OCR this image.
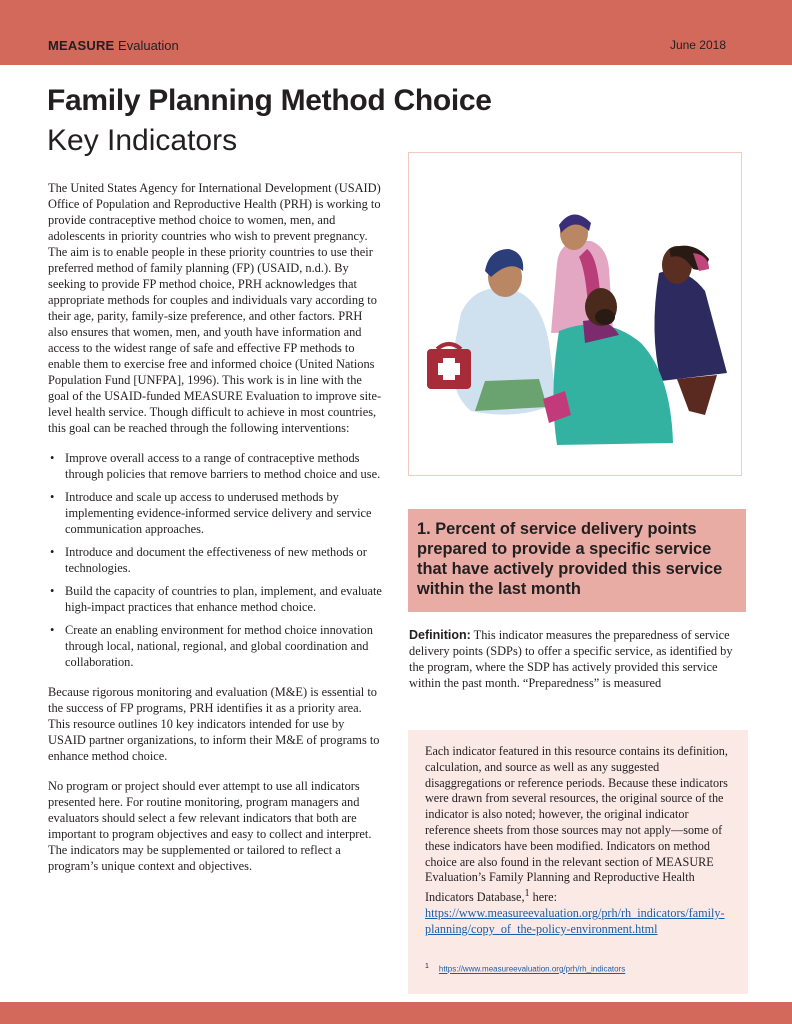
MEASURE Evaluation	June 2018
Family Planning Method Choice
Key Indicators

The United States Agency for International Development (USAID) Office of Population and Reproductive Health (PRH) is working to provide contraceptive method choice to women, men, and adolescents in priority countries who wish to prevent pregnancy. The aim is to enable people in these priority countries to use their preferred method of family planning (FP) (USAID, n.d.). By seeking to provide FP method choice, PRH acknowledges that appropriate methods for couples and individuals vary according to their age, parity, family-size preference, and other factors. PRH also ensures that women, men, and youth have information and access to the widest range of safe and effective FP methods to enable them to exercise free and informed choice (United Nations Population Fund [UNFPA], 1996). This work is in line with the goal of the USAID-funded MEASURE Evaluation to improve site-level health service. Though difficult to achieve in most countries, this goal can be reached through the following interventions:

• Improve overall access to a range of contraceptive methods through policies that remove barriers to method choice and use.
• Introduce and scale up access to underused methods by implementing evidence-informed service delivery and service communication approaches.
• Introduce and document the effectiveness of new methods or technologies.
• Build the capacity of countries to plan, implement, and evaluate high-impact practices that enhance method choice.
• Create an enabling environment for method choice innovation through local, national, regional, and global coordination and collaboration.

Because rigorous monitoring and evaluation (M&E) is essential to the success of FP programs, PRH identifies it as a priority area. This resource outlines 10 key indicators intended for use by USAID partner organizations, to inform their M&E of programs to enhance method choice.

No program or project should ever attempt to use all indicators presented here. For routine monitoring, program managers and evaluators should select a few relevant indicators that both are important to program objectives and easy to collect and interpret. The indicators may be supplemented or tailored to reflect a program’s unique context and objectives.

1. Percent of service delivery points prepared to provide a specific service that have actively provided this service within the last month
Definition: This indicator measures the preparedness of service delivery points (SDPs) to offer a specific service, as identified by the program, where the SDP has actively provided this service within the past month. “Preparedness” is measured

Each indicator featured in this resource contains its definition, calculation, and source as well as any suggested disaggregations or reference periods. Because these indicators were drawn from several resources, the original source of the indicator is also noted; however, the original indicator reference sheets from those sources may not apply—some of these indicators have been modified. Indicators on method choice are also found in the relevant section of MEASURE Evaluation’s Family Planning and Reproductive Health Indicators Database,$^1$ here: https://www.measureevaluation.org/prh/rh_indicators/family-planning/copy_of_the-policy-environment.html

$^1$ https://www.measureevaluation.org/prh/rh_indicators
